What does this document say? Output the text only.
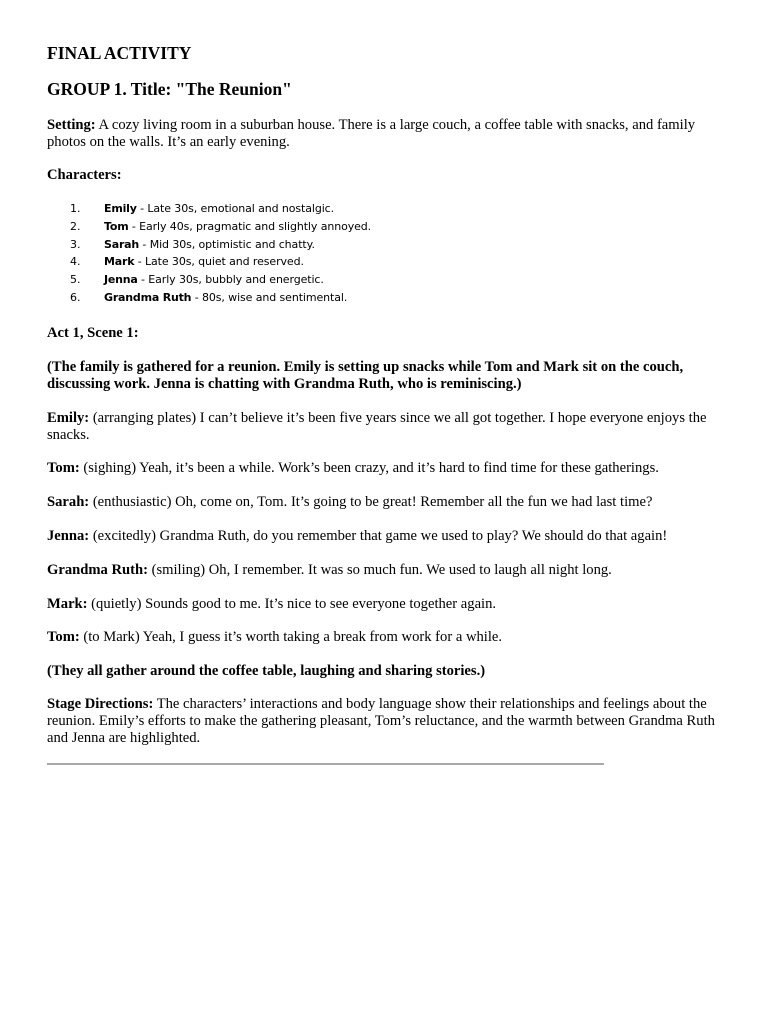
FINAL ACTIVITY
GROUP 1. Title: "The Reunion"
Setting: A cozy living room in a suburban house. There is a large couch, a coffee table with snacks, and family photos on the walls. It’s an early evening.
Characters:
1. Emily - Late 30s, emotional and nostalgic.
2. Tom - Early 40s, pragmatic and slightly annoyed.
3. Sarah - Mid 30s, optimistic and chatty.
4. Mark - Late 30s, quiet and reserved.
5. Jenna - Early 30s, bubbly and energetic.
6. Grandma Ruth - 80s, wise and sentimental.
Act 1, Scene 1:
(The family is gathered for a reunion. Emily is setting up snacks while Tom and Mark sit on the couch, discussing work. Jenna is chatting with Grandma Ruth, who is reminiscing.)
Emily: (arranging plates) I can’t believe it’s been five years since we all got together. I hope everyone enjoys the snacks.
Tom: (sighing) Yeah, it’s been a while. Work’s been crazy, and it’s hard to find time for these gatherings.
Sarah: (enthusiastic) Oh, come on, Tom. It’s going to be great! Remember all the fun we had last time?
Jenna: (excitedly) Grandma Ruth, do you remember that game we used to play? We should do that again!
Grandma Ruth: (smiling) Oh, I remember. It was so much fun. We used to laugh all night long.
Mark: (quietly) Sounds good to me. It’s nice to see everyone together again.
Tom: (to Mark) Yeah, I guess it’s worth taking a break from work for a while.
(They all gather around the coffee table, laughing and sharing stories.)
Stage Directions: The characters’ interactions and body language show their relationships and feelings about the reunion. Emily’s efforts to make the gathering pleasant, Tom’s reluctance, and the warmth between Grandma Ruth and Jenna are highlighted.
